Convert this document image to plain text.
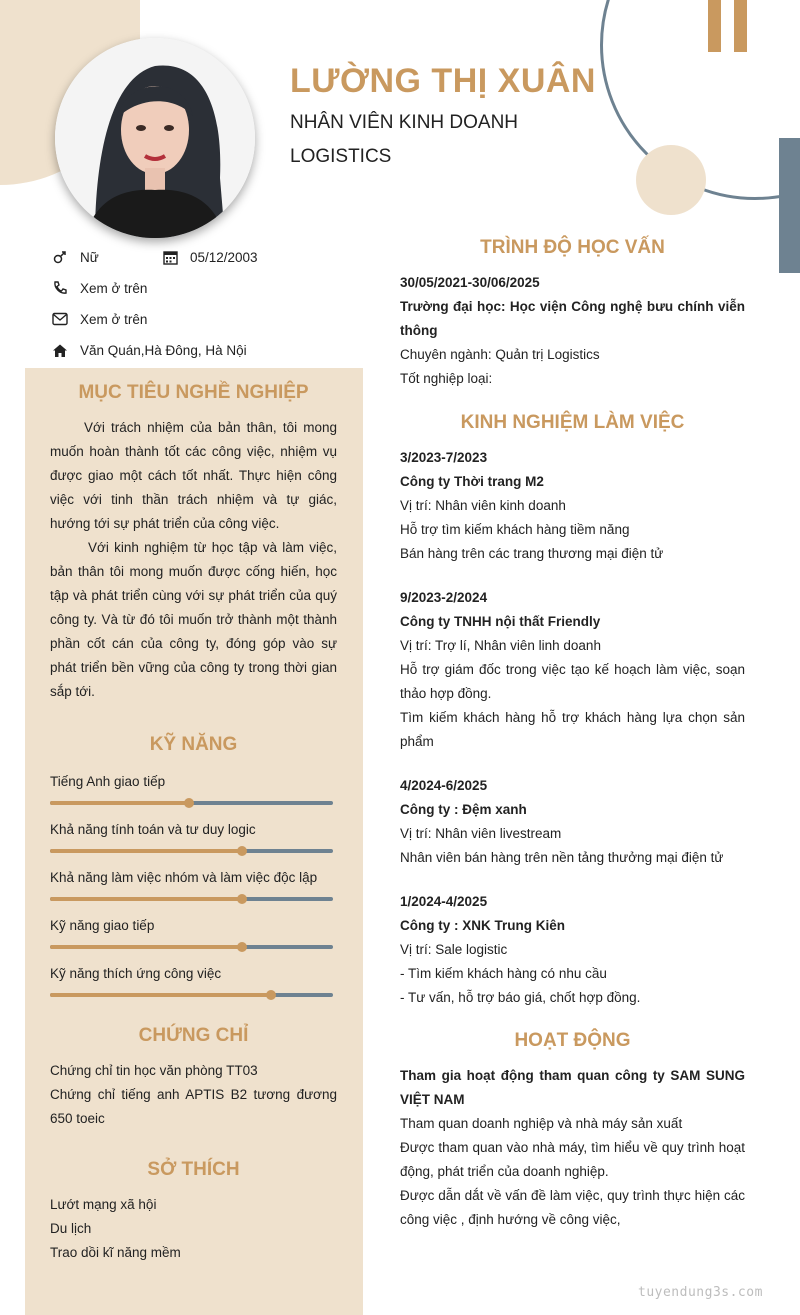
LƯỜNG THỊ XUÂN
NHÂN VIÊN KINH DOANH
LOGISTICS
Nữ	05/12/2003
Xem ở trên
Xem ở trên
Văn Quán,Hà Đông, Hà Nội
MỤC TIÊU NGHỀ NGHIỆP
Với trách nhiệm của bản thân, tôi mong muốn hoàn thành tốt các công việc, nhiệm vụ được giao một cách tốt nhất. Thực hiện công việc với tinh thần trách nhiệm và tự giác, hướng tới sự phát triển của công việc.
Với kinh nghiệm từ học tập và làm việc, bản thân tôi mong muốn được cống hiến, học tập và phát triển cùng với sự phát triển của quý công ty. Và từ đó tôi muốn trở thành một thành phần cốt cán của công ty, đóng góp vào sự phát triển bền vững của công ty trong thời gian sắp tới.
KỸ NĂNG
Tiếng Anh giao tiếp
Khả năng tính toán và tư duy logic
Khả năng làm việc nhóm và làm việc độc lập
Kỹ năng giao tiếp
Kỹ năng thích ứng công việc
CHỨNG CHỈ
Chứng chỉ tin học văn phòng TT03
Chứng chỉ tiếng anh APTIS B2 tương đương 650 toeic
SỞ THÍCH
Lướt mạng xã hội
Du lịch
Trao dồi kĩ năng mềm
TRÌNH ĐỘ HỌC VẤN
30/05/2021-30/06/2025
Trường đại học: Học viện Công nghệ bưu chính viễn thông
Chuyên ngành: Quản trị Logistics
Tốt nghiệp loại:
KINH NGHIỆM LÀM VIỆC
3/2023-7/2023
Công ty Thời trang M2
Vị trí: Nhân viên kinh doanh
Hỗ trợ tìm kiếm khách hàng tiềm năng
Bán hàng trên các trang thương mại điện tử
9/2023-2/2024
Công ty TNHH nội thất Friendly
Vị trí: Trợ lí, Nhân viên linh doanh
Hỗ trợ giám đốc trong việc tạo kế hoạch làm việc, soạn thảo hợp đồng.
Tìm kiếm khách hàng hỗ trợ khách hàng lựa chọn sản phẩm
4/2024-6/2025
Công ty : Đệm xanh
Vị trí: Nhân viên livestream
Nhân viên bán hàng trên nền tảng thưởng mại điện tử
1/2024-4/2025
Công ty : XNK Trung Kiên
Vị trí: Sale logistic
- Tìm kiếm khách hàng có nhu cầu
- Tư vấn, hỗ trợ báo giá, chốt hợp đồng.
HOẠT ĐỘNG
Tham gia hoạt động tham quan công ty SAM SUNG VIỆT NAM
Tham quan doanh nghiệp và nhà máy sản xuất
Được tham quan vào nhà máy, tìm hiểu về quy trình hoạt động, phát triển của doanh nghiệp.
Được dẫn dắt về vấn đề làm việc, quy trình thực hiện các công việc , định hướng về công việc,
tuyendung3s.com
